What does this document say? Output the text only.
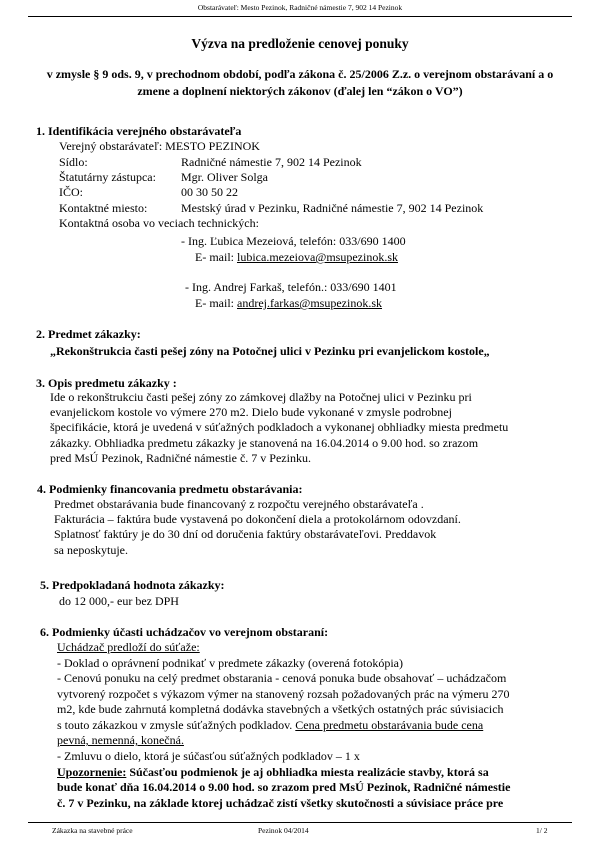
Obstarávateľ: Mesto Pezinok, Radničné námestie 7, 902 14 Pezinok
Výzva na predloženie cenovej ponuky
v zmysle § 9 ods. 9, v prechodnom období, podľa zákona č. 25/2006 Z.z. o verejnom obstarávaní a o zmene a doplnení niektorých zákonov (ďalej len “zákon o VO”)
1. Identifikácia verejného obstarávateľa
Verejný obstarávateľ: MESTO PEZINOK
Sídlo:	Radničné námestie 7, 902 14 Pezinok
Štatutárny zástupca: Mgr. Oliver Solga
IČO:	00 30 50 22
Kontaktné miesto:	Mestský úrad v Pezinku, Radničné námestie 7, 902 14 Pezinok
Kontaktná osoba vo veciach technických:
- Ing. Ľubica Mezeiová, telefón: 033/690 1400
E- mail: lubica.mezeiova@msupezinok.sk
- Ing. Andrej Farkaš, telefón.: 033/690 1401
E- mail: andrej.farkas@msupezinok.sk
2. Predmet zákazky:
„Rekonštrukcia časti pešej zóny na Potočnej ulici v Pezinku pri evanjelickom kostole„
3. Opis predmetu zákazky :
Ide o rekonštrukciu časti pešej zóny zo zámkovej dlažby na Potočnej ulici v Pezinku pri
evanjelickom kostole vo výmere 270 m2. Dielo bude vykonané v zmysle podrobnej
špecifikácie, ktorá je uvedená v súťažných podkladoch a vykonanej obhliadky miesta predmetu
zákazky. Obhliadka predmetu zákazky je stanovená na 16.04.2014 o 9.00 hod. so zrazom
pred MsÚ Pezinok, Radničné námestie č. 7 v Pezinku.
4. Podmienky financovania predmetu obstarávania:
Predmet obstarávania bude financovaný z rozpočtu verejného obstarávateľa .
Fakturácia – faktúra bude vystavená po dokončení diela a protokolárnom odovzdaní.
Splatnosť faktúry je do 30 dní od doručenia faktúry obstarávateľovi. Preddavok
sa neposkytuje.
5. Predpokladaná hodnota zákazky:
do 12 000,- eur bez DPH
6. Podmienky účasti uchádzačov vo verejnom obstaraní:
Uchádzač predloží do súťaže:
- Doklad o oprávnení podnikať v predmete zákazky (overená fotokópia)
- Cenovú ponuku na celý predmet obstarania - cenová ponuka bude obsahovať – uchádzačom
vytvorený rozpočet s výkazom výmer na stanovený rozsah požadovaných prác na výmeru 270
m2, kde bude zahrnutá kompletná dodávka stavebných a všetkých ostatných prác súvisiacich
s touto zákazkou v zmysle súťažných podkladov. Cena predmetu obstarávania bude cena
pevná, nemenná, konečná.
- Zmluvu o dielo, ktorá je súčasťou súťažných podkladov – 1 x
Upozornenie: Súčasťou podmienok je aj obhliadka miesta realizácie stavby, ktorá sa
bude konať dňa 16.04.2014 o 9.00 hod. so zrazom pred MsÚ Pezinok, Radničné námestie
č. 7 v Pezinku, na základe ktorej uchádzač zistí všetky skutočnosti a súvisiace práce pre
Zákazka na stavebné práce	Pezinok 04/2014	1/ 2
